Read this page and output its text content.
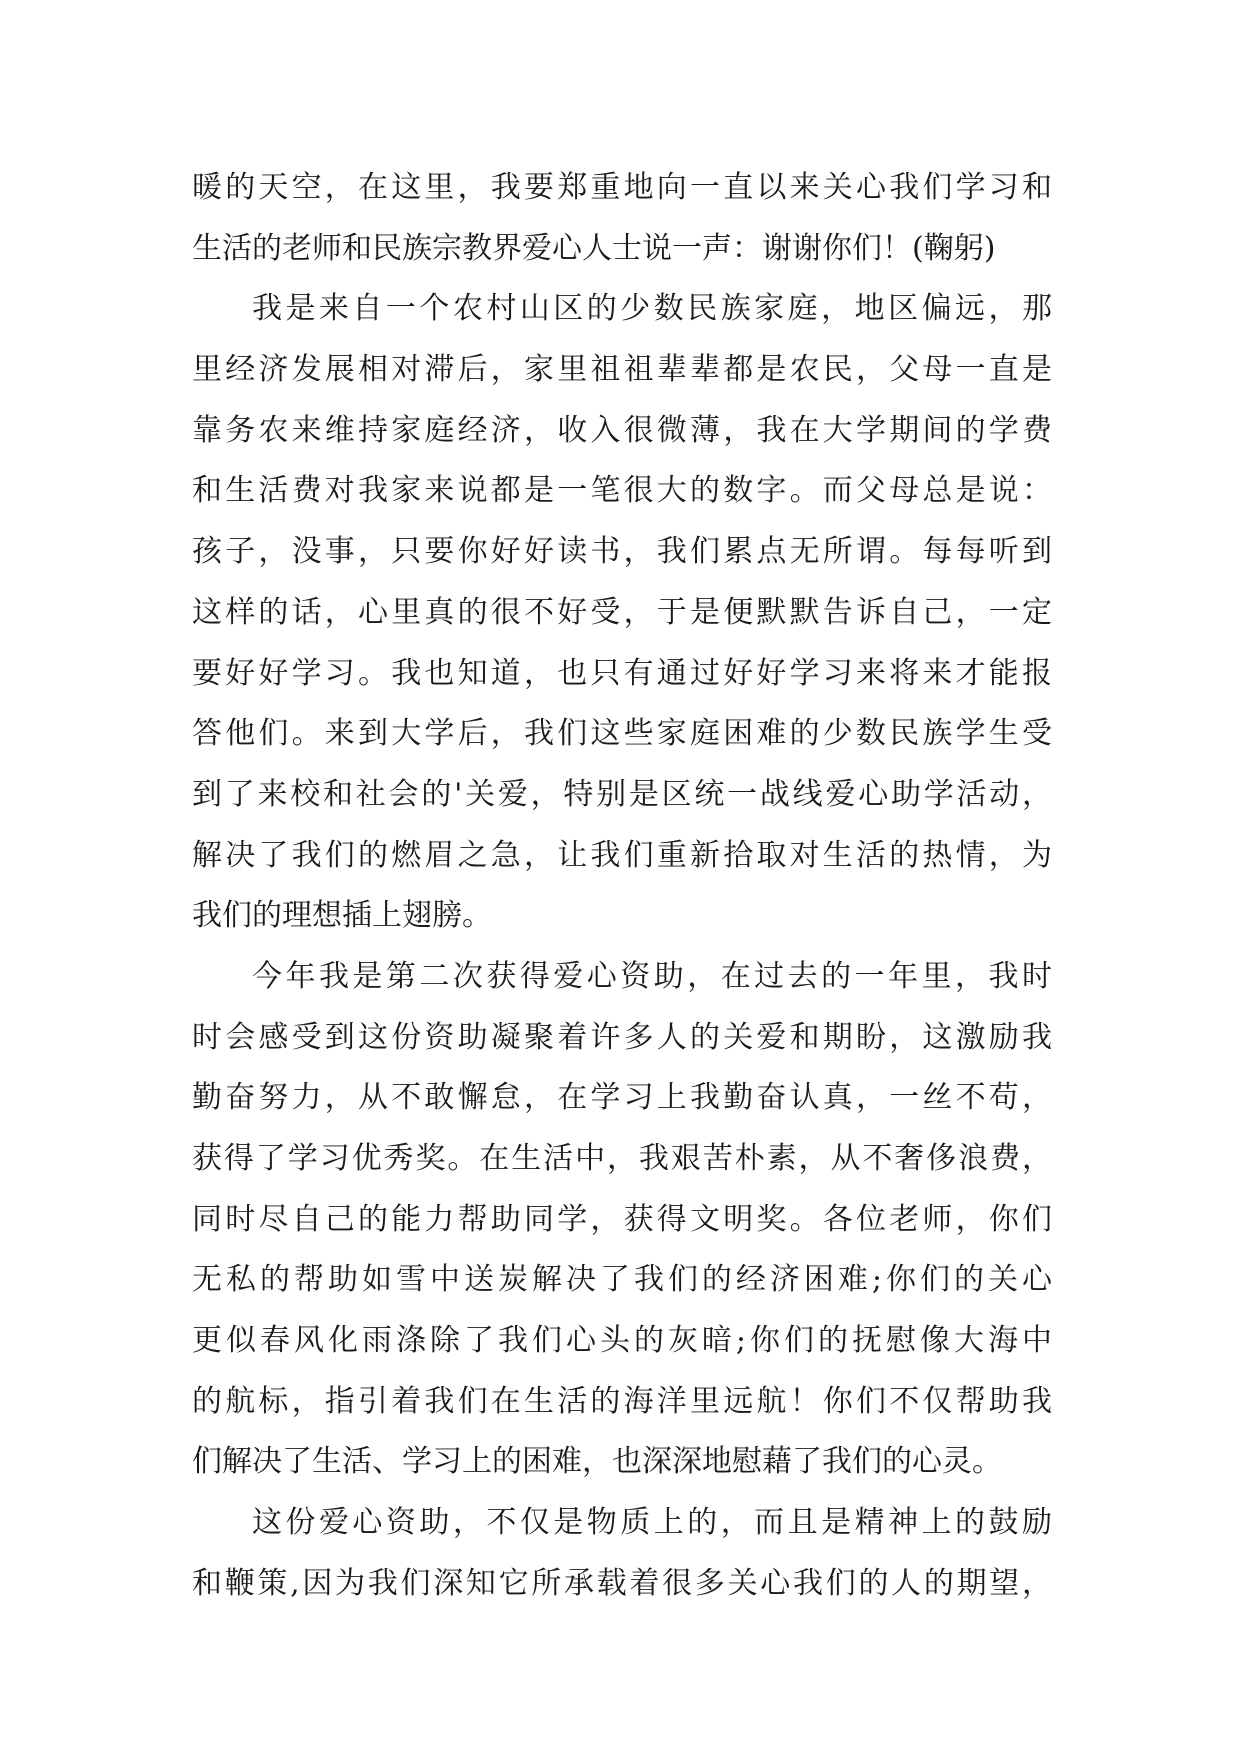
暖的天空，在这里，我要郑重地向一直以来关心我们学习和
生活的老师和民族宗教界爱心人士说一声：谢谢你们！(鞠躬)
我是来自一个农村山区的少数民族家庭，地区偏远，那
里经济发展相对滞后，家里祖祖辈辈都是农民，父母一直是
靠务农来维持家庭经济，收入很微薄，我在大学期间的学费
和生活费对我家来说都是一笔很大的数字。而父母总是说：
孩子，没事，只要你好好读书，我们累点无所谓。每每听到
这样的话，心里真的很不好受，于是便默默告诉自己，一定
要好好学习。我也知道，也只有通过好好学习来将来才能报
答他们。来到大学后，我们这些家庭困难的少数民族学生受
到了来校和社会的'关爱，特别是区统一战线爱心助学活动，
解决了我们的燃眉之急，让我们重新拾取对生活的热情，为
我们的理想插上翅膀。
今年我是第二次获得爱心资助，在过去的一年里，我时
时会感受到这份资助凝聚着许多人的关爱和期盼，这激励我
勤奋努力，从不敢懈怠，在学习上我勤奋认真，一丝不苟，
获得了学习优秀奖。在生活中，我艰苦朴素，从不奢侈浪费，
同时尽自己的能力帮助同学，获得文明奖。各位老师，你们
无私的帮助如雪中送炭解决了我们的经济困难;你们的关心
更似春风化雨涤除了我们心头的灰暗;你们的抚慰像大海中
的航标，指引着我们在生活的海洋里远航！你们不仅帮助我
们解决了生活、学习上的困难，也深深地慰藉了我们的心灵。
这份爱心资助，不仅是物质上的，而且是精神上的鼓励
和鞭策,因为我们深知它所承载着很多关心我们的人的期望，
